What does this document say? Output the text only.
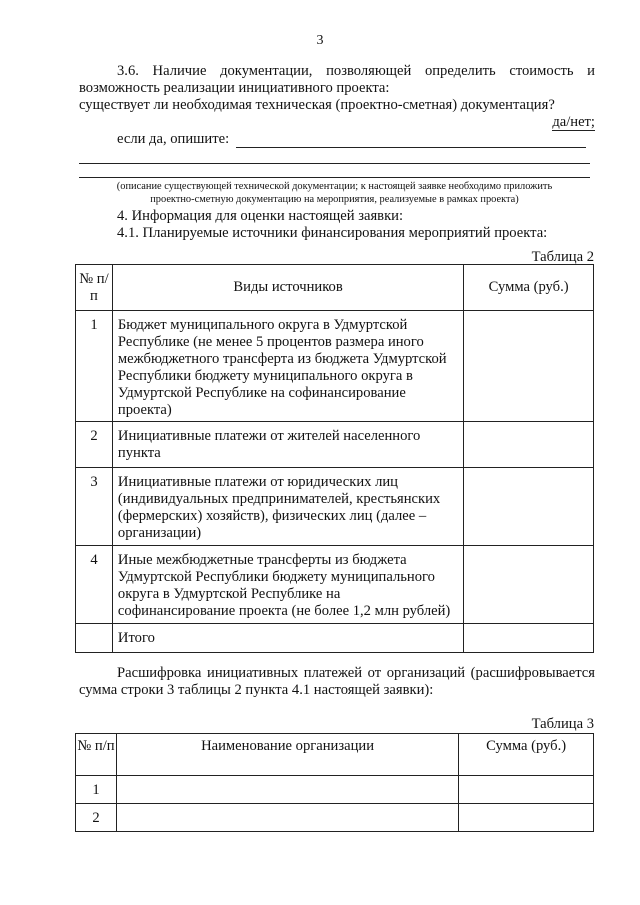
3
3.6. Наличие документации, позволяющей определить стоимость и
возможность реализации инициативного проекта:
существует ли необходимая техническая (проектно-сметная) документация?
да/нет;
если да, опишите:
(описание существующей технической документации; к настоящей заявке необходимо приложить
проектно-сметную документацию на мероприятия, реализуемые в рамках проекта)
4. Информация для оценки настоящей заявки:
4.1. Планируемые источники финансирования мероприятий проекта:
Таблица 2
№ п/п	Виды источников	Сумма (руб.)
1	Бюджет муниципального округа в Удмуртской Республике (не менее 5 процентов размера иного межбюджетного трансферта из бюджета Удмуртской Республики бюджету муниципального округа в Удмуртской Республике на софинансирование проекта)	
2	Инициативные платежи от жителей населенного пункта	
3	Инициативные платежи от юридических лиц (индивидуальных предпринимателей, крестьянских (фермерских) хозяйств), физических лиц (далее – организации)	
4	Иные межбюджетные трансферты из бюджета Удмуртской Республики бюджету муниципального округа в Удмуртской Республике на софинансирование проекта (не более 1,2 млн рублей)	
	Итого	
Расшифровка инициативных платежей от организаций (расшифровывается
сумма строки 3 таблицы 2 пункта 4.1 настоящей заявки):
Таблица 3
№ п/п	Наименование организации	Сумма (руб.)
1		
2		
